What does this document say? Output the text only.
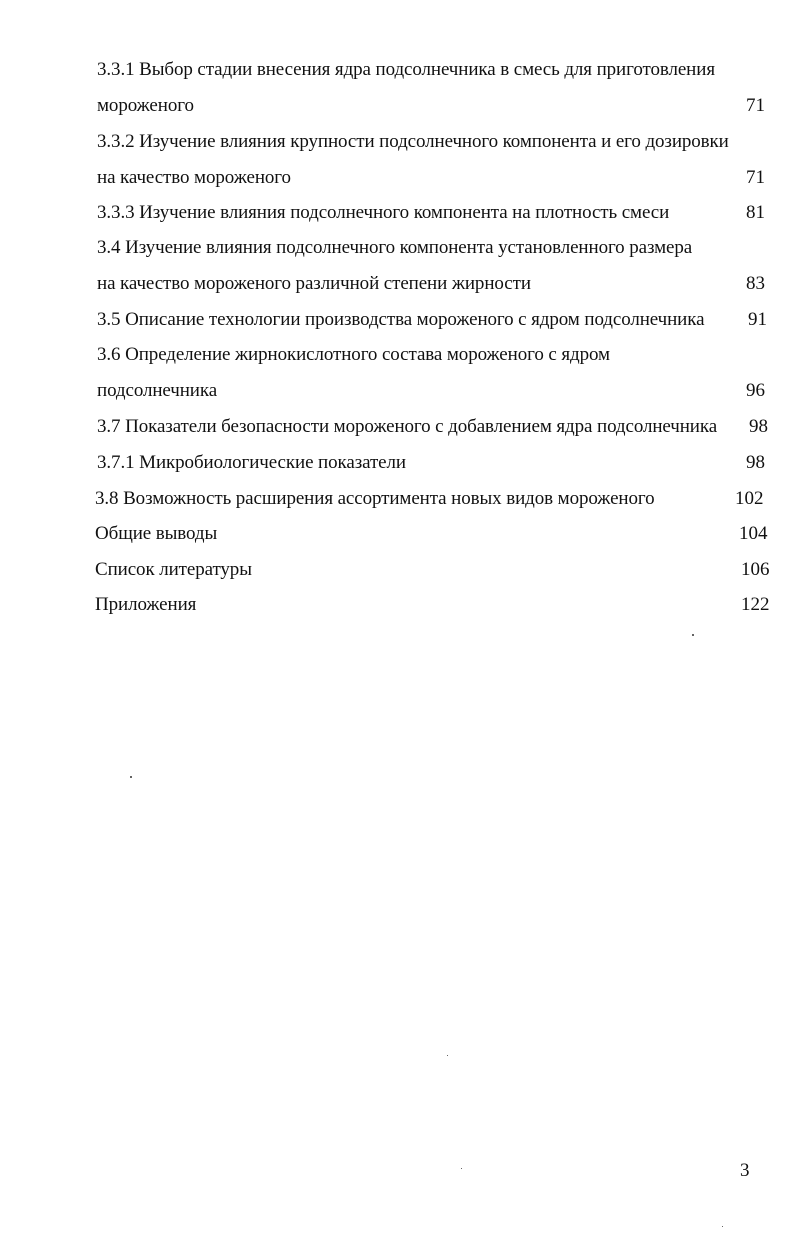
3.3.1 Выбор стадии внесения ядра подсолнечника в смесь для приготовления
мороженого	71
3.3.2 Изучение влияния крупности подсолнечного компонента и его дозировки
на качество мороженого	71
3.3.3 Изучение влияния подсолнечного компонента на плотность смеси	81
3.4 Изучение влияния подсолнечного компонента установленного размера
на качество мороженого различной степени жирности	83
3.5 Описание технологии производства мороженого с ядром подсолнечника 91
3.6 Определение жирнокислотного состава мороженого с ядром
подсолнечника	96
3.7 Показатели безопасности мороженого с добавлением ядра подсолнечника 98
3.7.1 Микробиологические показатели	98
3.8 Возможность расширения ассортимента новых видов мороженого	102
Общие выводы	104
Список литературы	106
Приложения	122
3
